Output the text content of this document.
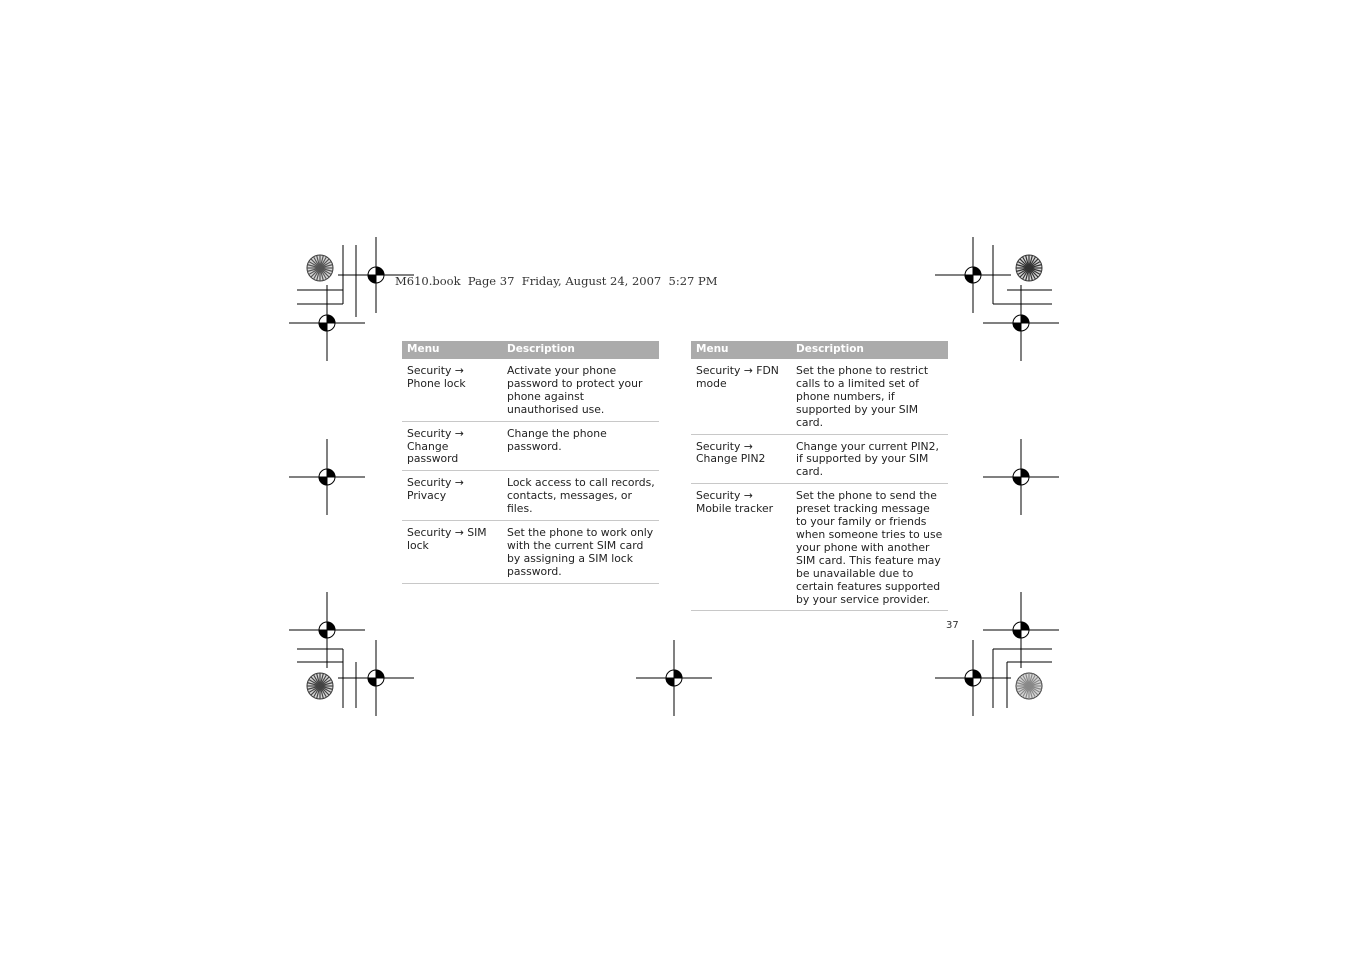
M610.book  Page 37  Friday, August 24, 2007  5:27 PM
Menu	Description
Security → Phone lock	Activate your phone password to protect your phone against unauthorised use.
Security → Change password	Change the phone password.
Security → Privacy	Lock access to call records, contacts, messages, or files.
Security → SIM lock	Set the phone to work only with the current SIM card by assigning a SIM lock password.
Menu	Description
Security → FDN mode	Set the phone to restrict calls to a limited set of phone numbers, if supported by your SIM card.
Security → Change PIN2	Change your current PIN2, if supported by your SIM card.
Security → Mobile tracker	Set the phone to send the preset tracking message to your family or friends when someone tries to use your phone with another SIM card. This feature may be unavailable due to certain features supported by your service provider.
37
